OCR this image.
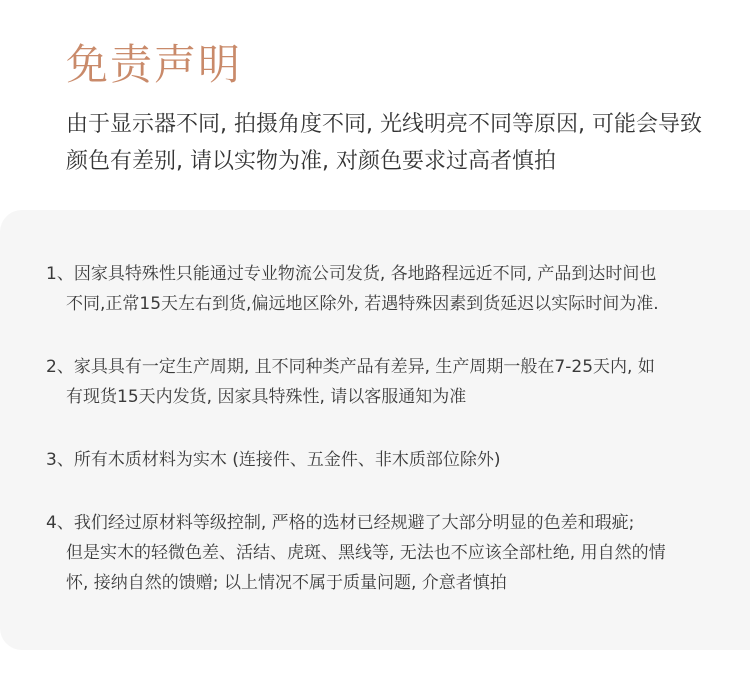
免责声明

由于显示器不同, 拍摄角度不同, 光线明亮不同等原因, 可能会导致
颜色有差别, 请以实物为准, 对颜色要求过高者慎拍

1、因家具特殊性只能通过专业物流公司发货, 各地路程远近不同, 产品到达时间也
不同,正常15天左右到货,偏远地区除外, 若遇特殊因素到货延迟以实际时间为准.
2、家具具有一定生产周期, 且不同种类产品有差异, 生产周期一般在7-25天内, 如
有现货15天内发货, 因家具特殊性, 请以客服通知为准
3、所有木质材料为实木 (连接件、五金件、非木质部位除外)
4、我们经过原材料等级控制, 严格的选材已经规避了大部分明显的色差和瑕疵;
但是实木的轻微色差、活结、虎斑、黑线等, 无法也不应该全部杜绝, 用自然的情
怀, 接纳自然的馈赠; 以上情况不属于质量问题, 介意者慎拍
